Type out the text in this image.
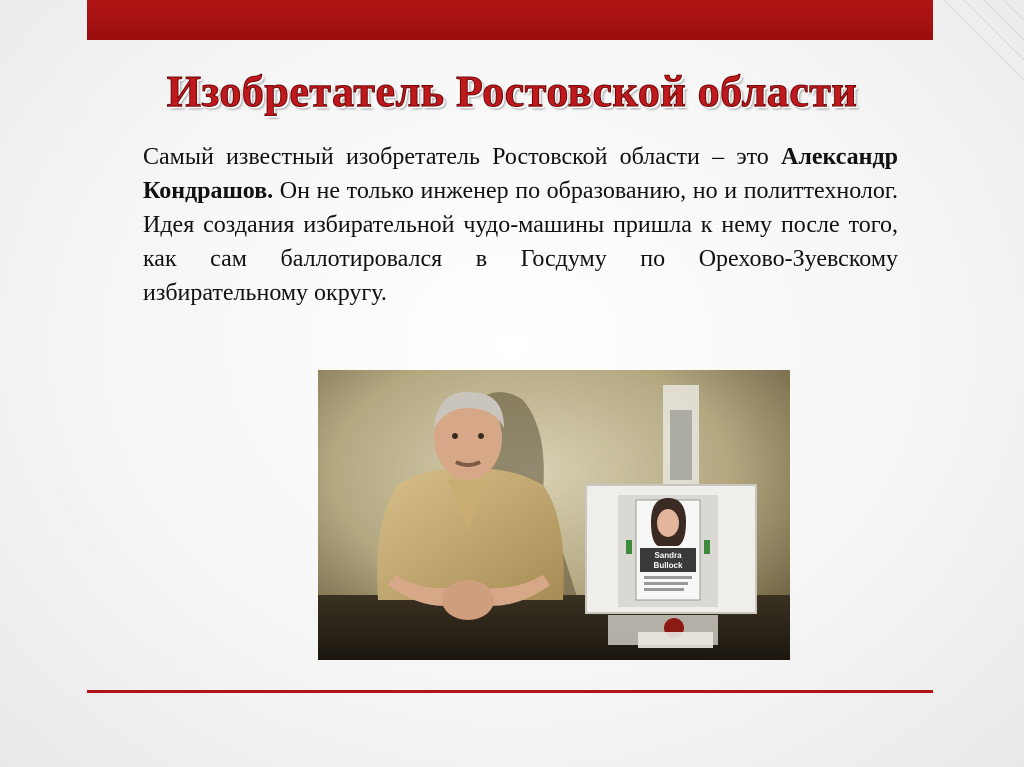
Изобретатель Ростовской области
Самый известный изобретатель Ростовской области – это Александр Кондрашов. Он не только инженер по образованию, но и политтехнолог. Идея создания избирательной чудо-машины пришла к нему после того, как сам баллотировался в Госдуму по Орехово-Зуевскому избирательному округу.
Sandra
Bullock
